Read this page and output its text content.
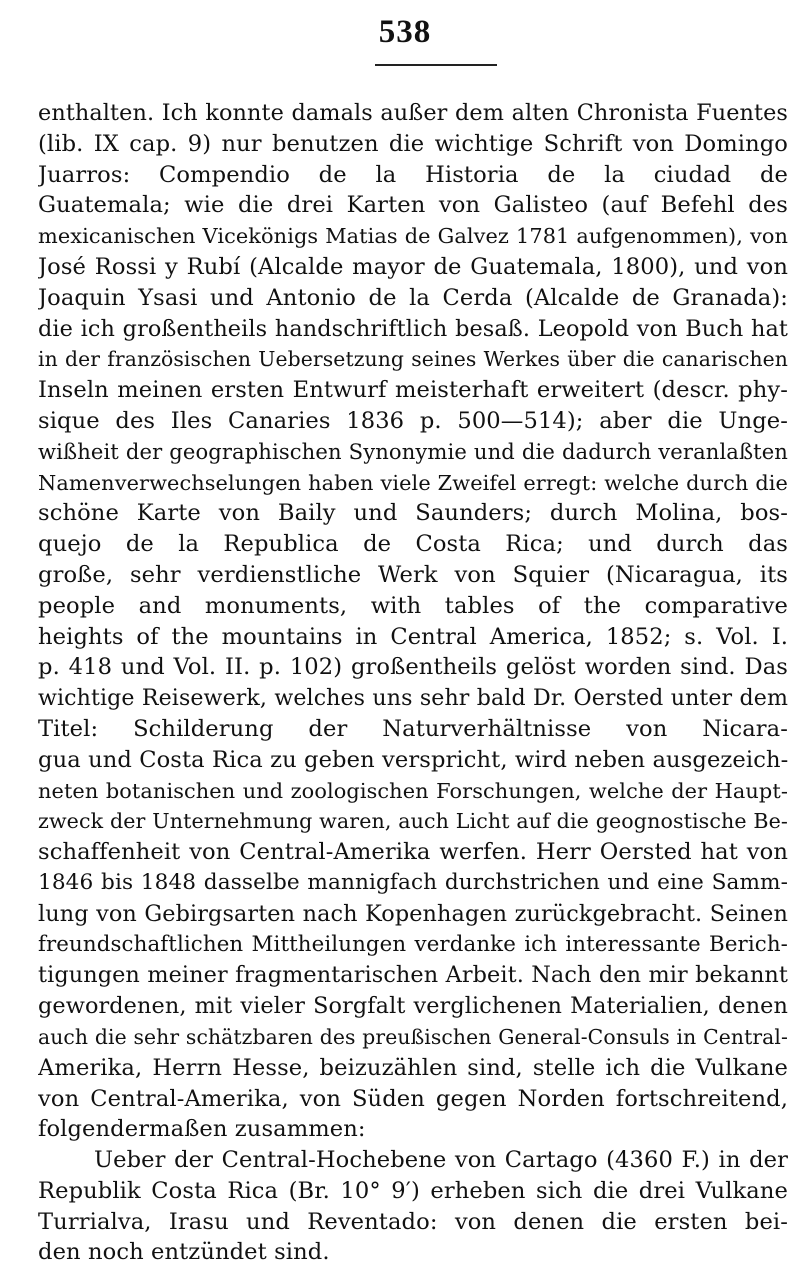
538
enthalten. Ich konnte damals außer dem alten Chronista Fuentes
(lib. IX cap. 9) nur benutzen die wichtige Schrift von Domingo
Juarros: Compendio de la Historia de la ciudad de
Guatemala; wie die drei Karten von Galisteo (auf Befehl des
mexicanischen Vicekönigs Matias de Galvez 1781 aufgenommen), von
José Rossi y Rubí (Alcalde mayor de Guatemala, 1800), und von
Joaquin Ysasi und Antonio de la Cerda (Alcalde de Granada):
die ich großentheils handschriftlich besaß. Leopold von Buch hat
in der französischen Uebersetzung seines Werkes über die canarischen
Inseln meinen ersten Entwurf meisterhaft erweitert (descr. phy-
sique des Iles Canaries 1836 p. 500—514); aber die Unge-
wißheit der geographischen Synonymie und die dadurch veranlaßten
Namenverwechselungen haben viele Zweifel erregt: welche durch die
schöne Karte von Baily und Saunders; durch Molina, bos-
quejo de la Republica de Costa Rica; und durch das
große, sehr verdienstliche Werk von Squier (Nicaragua, its
people and monuments, with tables of the comparative
heights of the mountains in Central America, 1852; s. Vol. I.
p. 418 und Vol. II. p. 102) großentheils gelöst worden sind. Das
wichtige Reisewerk, welches uns sehr bald Dr. Oersted unter dem
Titel: Schilderung der Naturverhältnisse von Nicara-
gua und Costa Rica zu geben verspricht, wird neben ausgezeich-
neten botanischen und zoologischen Forschungen, welche der Haupt-
zweck der Unternehmung waren, auch Licht auf die geognostische Be-
schaffenheit von Central-Amerika werfen. Herr Oersted hat von
1846 bis 1848 dasselbe mannigfach durchstrichen und eine Samm-
lung von Gebirgsarten nach Kopenhagen zurückgebracht. Seinen
freundschaftlichen Mittheilungen verdanke ich interessante Berich-
tigungen meiner fragmentarischen Arbeit. Nach den mir bekannt
gewordenen, mit vieler Sorgfalt verglichenen Materialien, denen
auch die sehr schätzbaren des preußischen General-Consuls in Central-
Amerika, Herrn Hesse, beizuzählen sind, stelle ich die Vulkane
von Central-Amerika, von Süden gegen Norden fortschreitend,
folgendermaßen zusammen:
Ueber der Central-Hochebene von Cartago (4360 F.) in der
Republik Costa Rica (Br. 10° 9′) erheben sich die drei Vulkane
Turrialva, Irasu und Reventado: von denen die ersten bei-
den noch entzündet sind.
